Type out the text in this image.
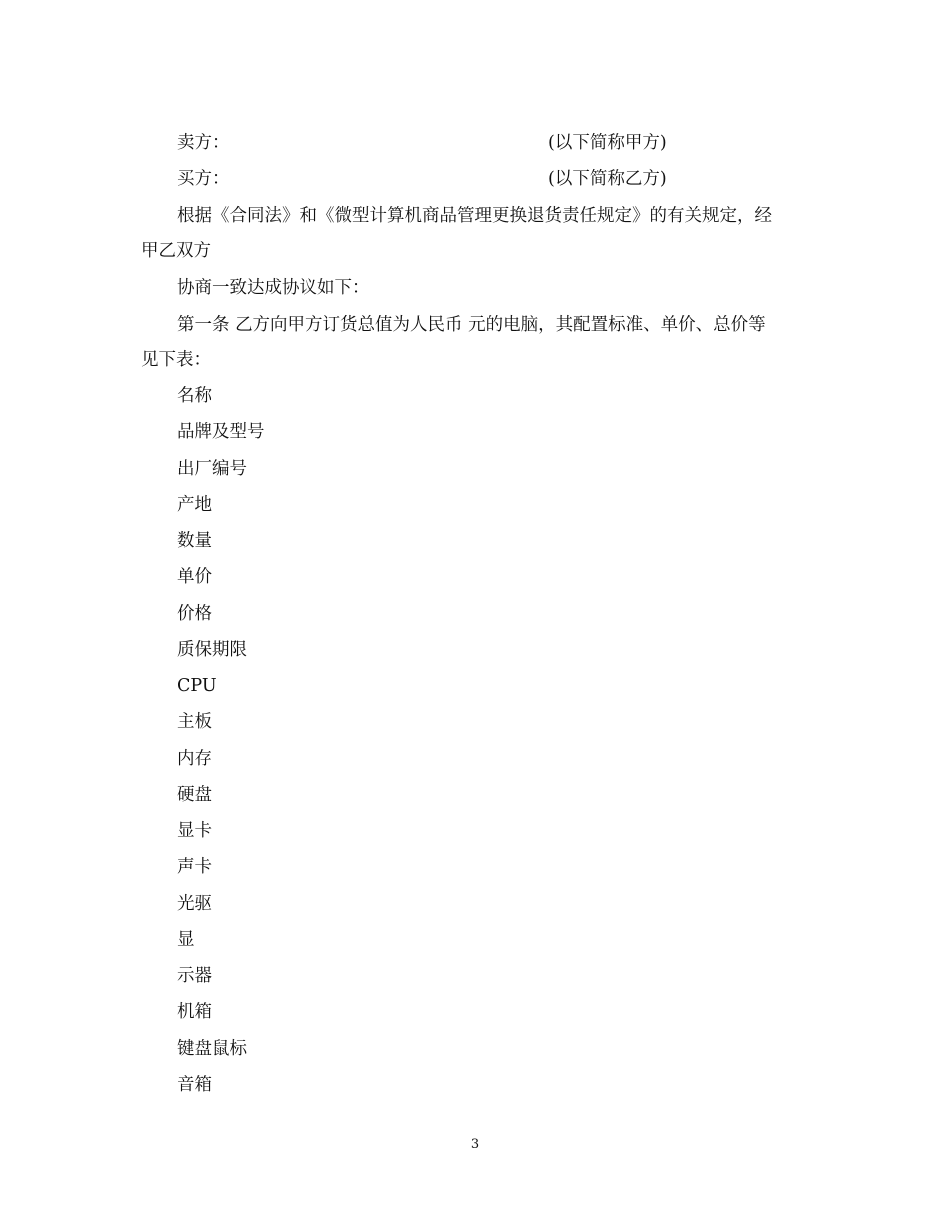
卖方：	(以下简称甲方)
买方：	(以下简称乙方)
根据《合同法》和《微型计算机商品管理更换退货责任规定》的有关规定，经
甲乙双方
协商一致达成协议如下：
第一条 乙方向甲方订货总值为人民币 元的电脑，其配置标准、单价、总价等
见下表：
名称
品牌及型号
出厂编号
产地
数量
单价
价格
质保期限
CPU
主板
内存
硬盘
显卡
声卡
光驱
显
示器
机箱
键盘鼠标
音箱
3
